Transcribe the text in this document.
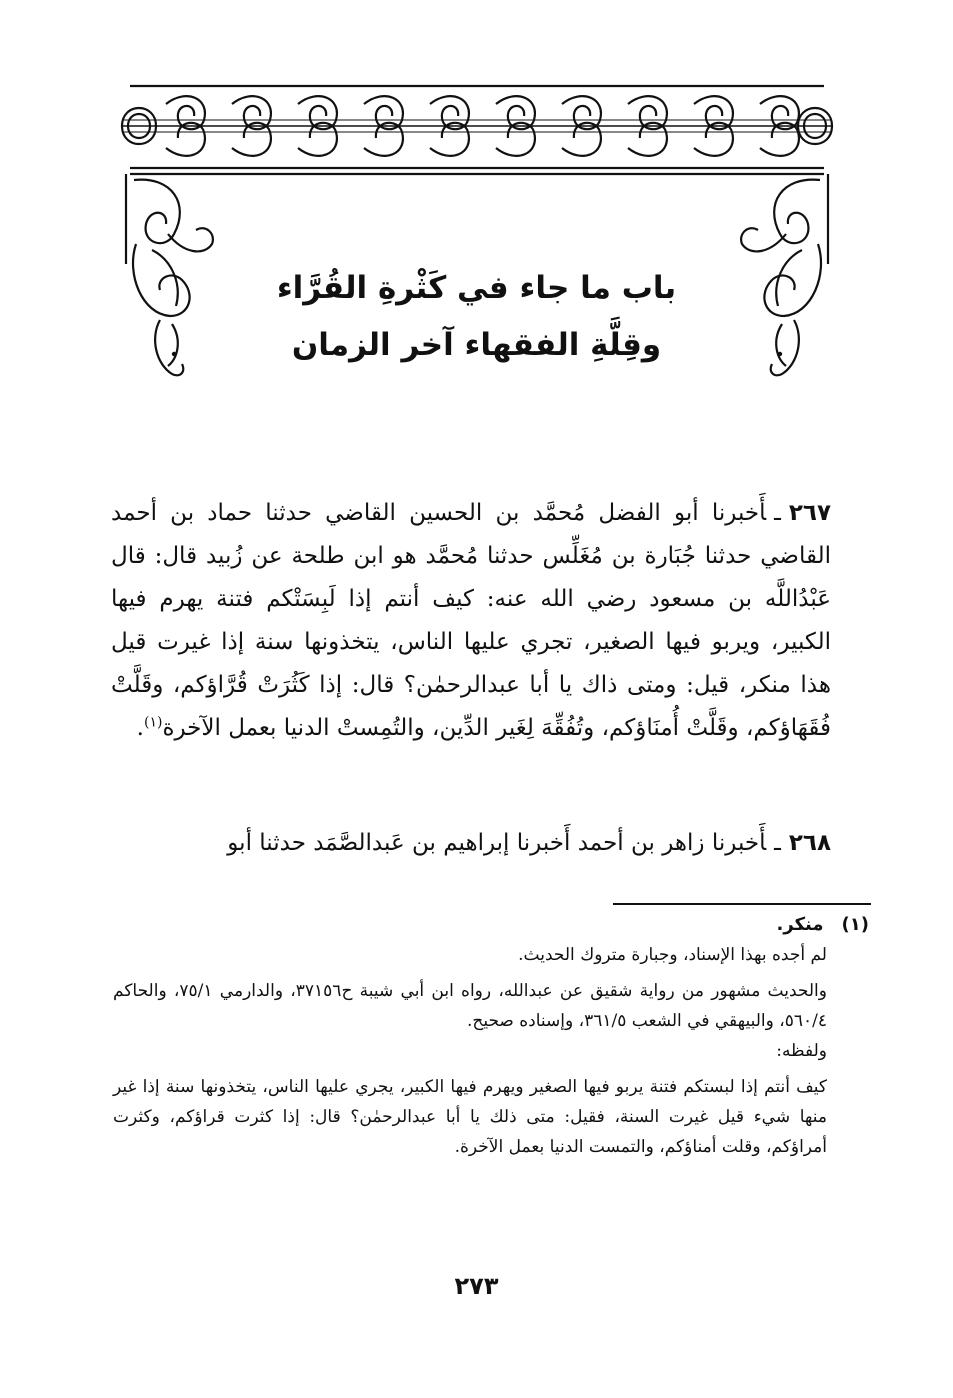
باب ما جاء في كَثْرةِ القُرَّاء
وقِلَّةِ الفقهاء آخر الزمان
٢٦٧ـأَخبرنا أبو الفضل مُحمَّد بن الحسين القاضي حدثنا حماد بن أحمد القاضي حدثنا جُبَارة بن مُغَلِّس حدثنا مُحمَّد هو ابن طلحة عن زُبيد قال: قال عَبْدُاللَّه بن مسعود رضي الله عنه: كيف أنتم إذا لَبِسَتْكم فتنة يهرم فيها الكبير، ويربو فيها الصغير، تجري عليها الناس، يتخذونها سنة إذا غيرت قيل هذا منكر، قيل: ومتى ذاك يا أبا عبدالرحمٰن؟ قال: إذا كَثُرَتْ قُرَّاؤكم، وقَلَّتْ فُقَهَاؤكم، وقَلَّتْ أُمنَاؤكم، وتُفُقِّهَ لِغَير الدِّين، والتُمِستْ الدنيا بعمل الآخرة$^{(١)}$.
٢٦٨ـأَخبرنا زاهر بن أحمد أَخبرنا إبراهيم بن عَبدالصَّمَد حدثنا أبو
(١)منكر.

لم أجده بهذا الإسناد، وجبارة متروك الحديث.

والحديث مشهور من رواية شقيق عن عبدالله، رواه ابن أبي شيبة ح٣٧١٥٦، والدارمي ٧٥/١، والحاكم ٥٦٠/٤، والبيهقي في الشعب ٣٦١/٥، وإسناده صحيح.

ولفظه:

كيف أنتم إذا لبستكم فتنة يربو فيها الصغير ويهرم فيها الكبير، يجري عليها الناس، يتخذونها سنة إذا غير منها شيء قيل غيرت السنة، فقيل: متى ذلك يا أبا عبدالرحمٰن؟ قال: إذا كثرت قراؤكم، وكثرت أمراؤكم، وقلت أمناؤكم، والتمست الدنيا بعمل الآخرة.

٢٧٣
